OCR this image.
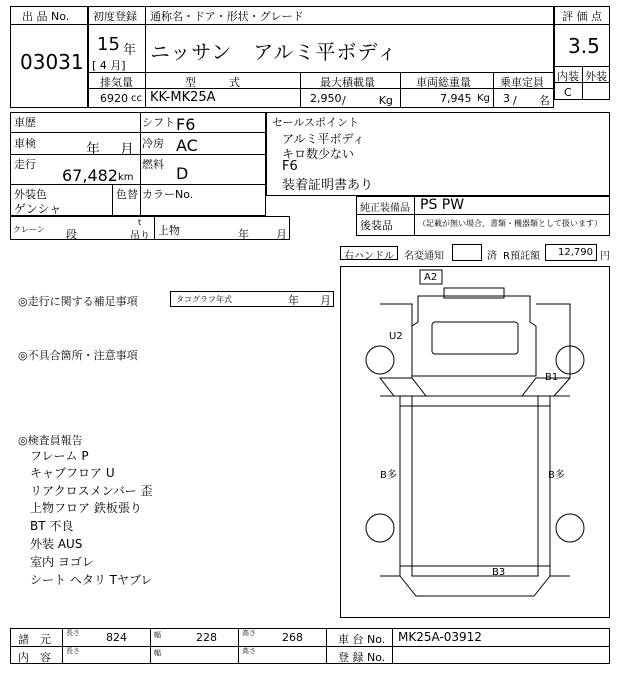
出 品 No.
03031
初度登録 通称名・ドア・形状・グレード
15 年
[ 4 月]
ニッサン　アルミ平ボディ
評 価 点
3.5
内装 外装
C
排気量	型　　　式	最大積載量	車両総重量	乗車定員
6920 cc KK-MK25A	2,950 /　　　Kg	7,945 Kg 3 /　　名
車歴
車検	年 月
走行
67,482 km
シフト F6
冷房 AC
燃料 D
外装色
ゲンシャ
色替 カラーNo.
クレーン 段
t
吊り 上物	年 月
セールスポイント
アルミ平ボディ
キロ数少ない
F6
装着証明書あり
純正装備品 PS PW
後装品	（記載が無い場合、書類・機器類として扱います）
右ハンドル 名変通知	済 R預託額 12,790 円
◎走行に関する補足事項	タコグラフ年式	年 月
◎不具合箇所・注意事項
◎検査員報告
フレーム P
キャブフロア U
リアクロスメンバー 歪
上物フロア 鉄板張り
BT 不良
外装 AUS
室内 ヨゴレ
シート ヘタリ Tヤブレ
A2
U2
B1
B多	B多
B3
諸　元 長さ 824	幅	228	高さ 268	車 台 No. MK25A-03912
内　容 長さ	幅	高さ	登 録 No.
